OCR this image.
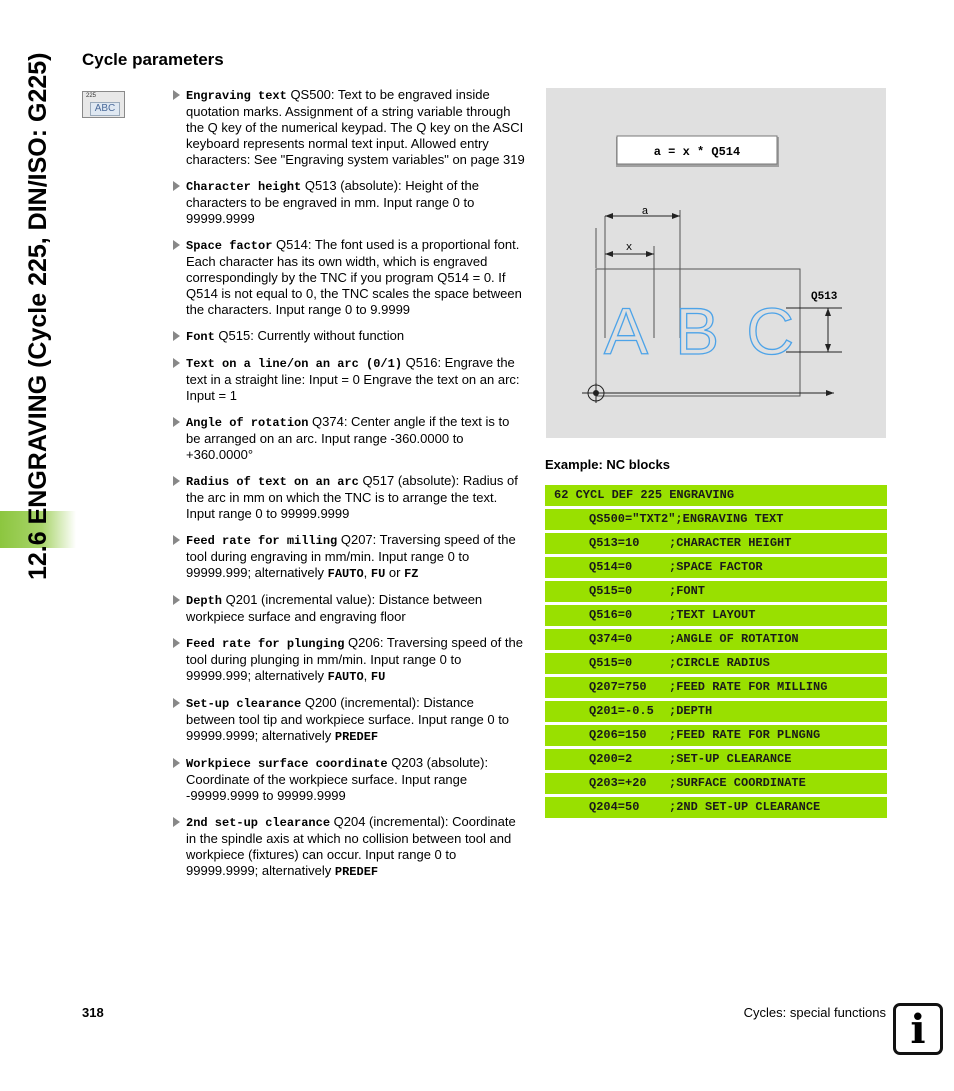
12.6 ENGRAVING (Cycle 225, DIN/ISO: G225) Cycle parameters
225
ABC
Engraving text QS500: Text to be engraved inside quotation marks. Assignment of a string variable through the Q key of the numerical keypad. The Q key on the ASCI keyboard represents normal text input. Allowed entry characters: See "Engraving system variables" on page 319
Character height Q513 (absolute): Height of the characters to be engraved in mm. Input range 0 to 99999.9999
Space factor Q514: The font used is a proportional font. Each character has its own width, which is engraved correspondingly by the TNC if you program Q514 = 0. If Q514 is not equal to 0, the TNC scales the space between the characters. Input range 0 to 9.9999
Font Q515: Currently without function
Text on a line/on an arc (0/1) Q516: Engrave the text in a straight line: Input = 0 Engrave the text on an arc: Input = 1
Angle of rotation Q374: Center angle if the text is to be arranged on an arc. Input range -360.0000 to +360.0000°
Radius of text on an arc Q517 (absolute): Radius of the arc in mm on which the TNC is to arrange the text. Input range 0 to 99999.9999
Feed rate for milling Q207: Traversing speed of the tool during engraving in mm/min. Input range 0 to 99999.999; alternatively FAUTO, FU or FZ
Depth Q201 (incremental value): Distance between workpiece surface and engraving floor
Feed rate for plunging Q206: Traversing speed of the tool during plunging in mm/min. Input range 0 to 99999.999; alternatively FAUTO, FU
Set-up clearance Q200 (incremental): Distance between tool tip and workpiece surface. Input range 0 to 99999.9999; alternatively PREDEF
Workpiece surface coordinate Q203 (absolute): Coordinate of the workpiece surface. Input range -99999.9999 to 99999.9999
2nd set-up clearance Q204 (incremental): Coordinate in the spindle axis at which no collision between tool and workpiece (fixtures) can occur. Input range 0 to 99999.9999; alternatively PREDEF
a = x * Q514
a
x
Q513
ABC
Example: NC blocks
62 CYCL DEF 225 ENGRAVING
QS500="TXT2";ENGRAVING TEXT
Q513=10 ;CHARACTER HEIGHT
Q514=0	;SPACE FACTOR
Q515=0	;FONT
Q516=0	;TEXT LAYOUT
Q374=0	;ANGLE OF ROTATION
Q515=0	;CIRCLE RADIUS
Q207=750 ;FEED RATE FOR MILLING
Q201=-0.5 ;DEPTH
Q206=150 ;FEED RATE FOR PLNGNG
Q200=2	;SET-UP CLEARANCE
Q203=+20 ;SURFACE COORDINATE
Q204=50 ;2ND SET-UP CLEARANCE
318	Cycles: special functions i
